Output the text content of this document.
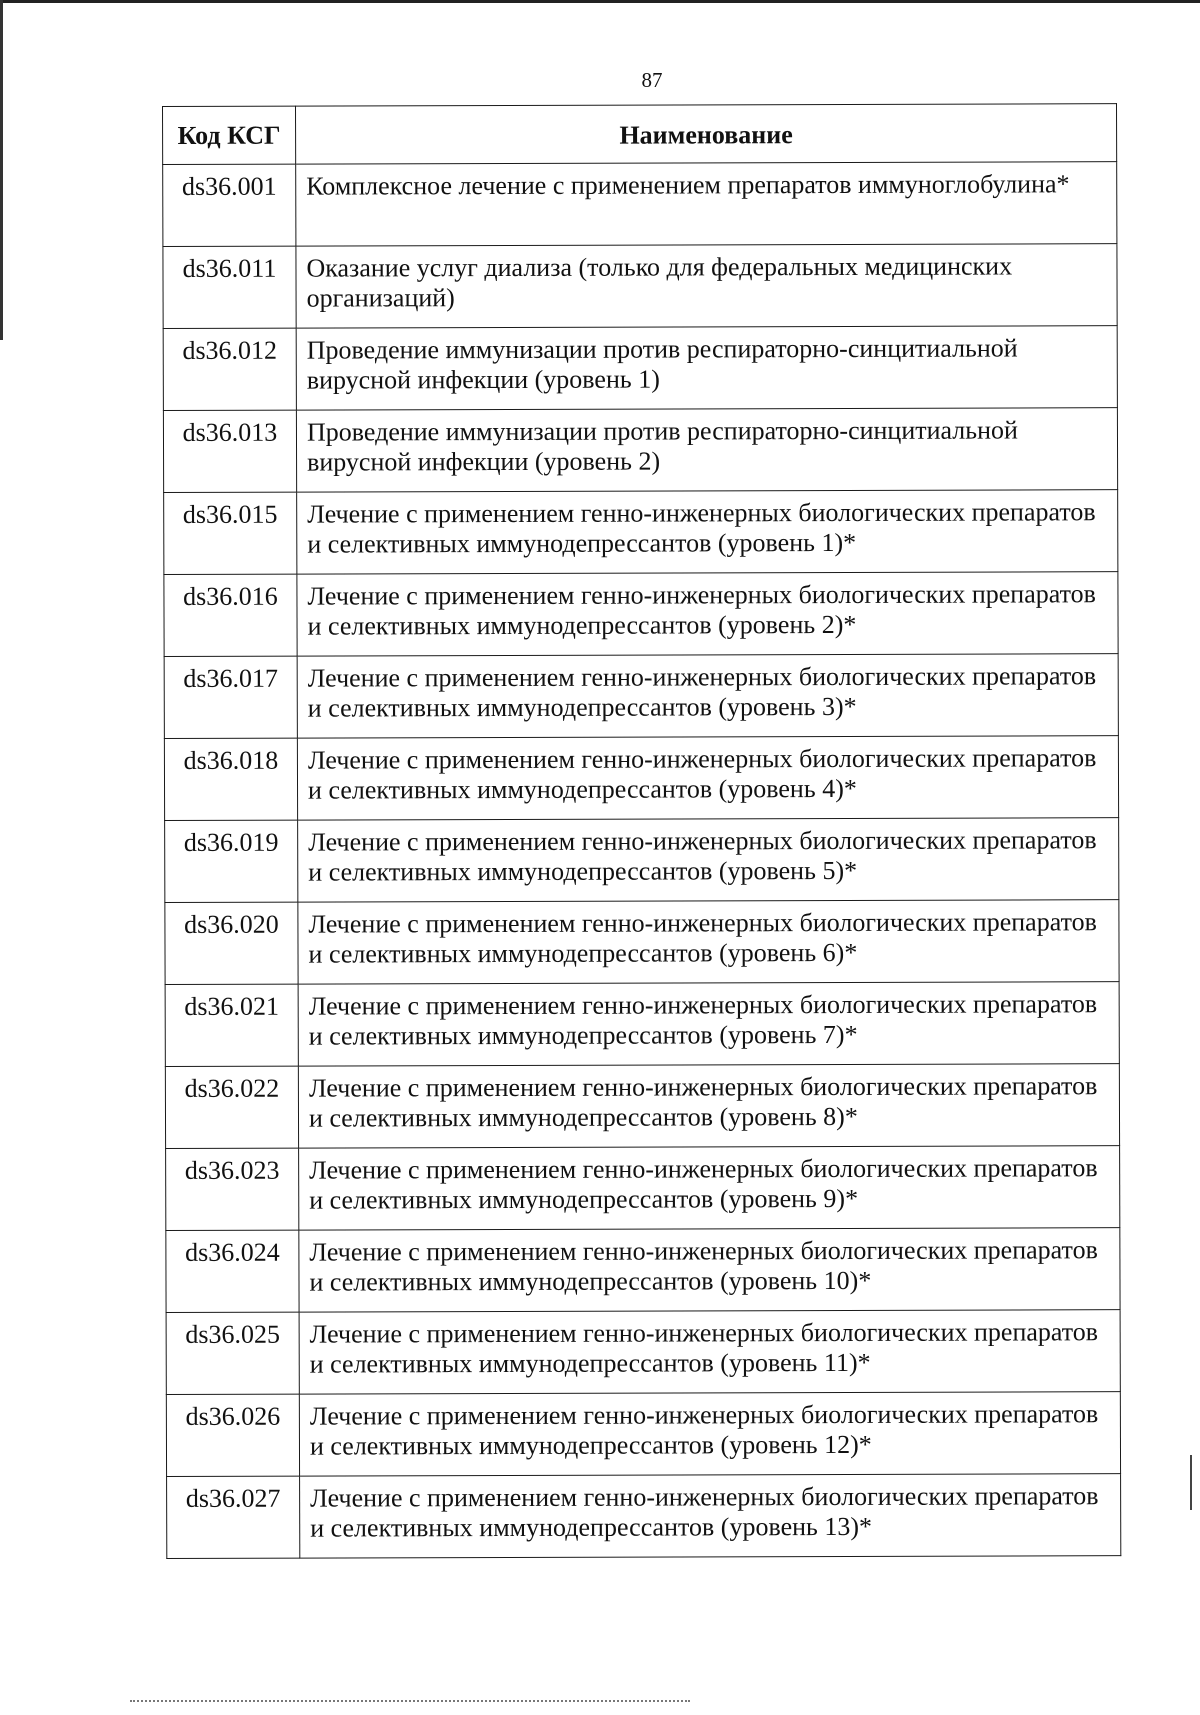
87
Код КСГ	Наименование
ds36.001	Комплексное лечение с применением препаратов иммуноглобулина*
ds36.011	Оказание услуг диализа (только для федеральных медицинских организаций)
ds36.012	Проведение иммунизации против респираторно-синцитиальной вирусной инфекции (уровень 1)
ds36.013	Проведение иммунизации против респираторно-синцитиальной вирусной инфекции (уровень 2)
ds36.015	Лечение с применением генно-инженерных биологических препаратов и селективных иммунодепрессантов (уровень 1)*
ds36.016	Лечение с применением генно-инженерных биологических препаратов и селективных иммунодепрессантов (уровень 2)*
ds36.017	Лечение с применением генно-инженерных биологических препаратов и селективных иммунодепрессантов (уровень 3)*
ds36.018	Лечение с применением генно-инженерных биологических препаратов и селективных иммунодепрессантов (уровень 4)*
ds36.019	Лечение с применением генно-инженерных биологических препаратов и селективных иммунодепрессантов (уровень 5)*
ds36.020	Лечение с применением генно-инженерных биологических препаратов и селективных иммунодепрессантов (уровень 6)*
ds36.021	Лечение с применением генно-инженерных биологических препаратов и селективных иммунодепрессантов (уровень 7)*
ds36.022	Лечение с применением генно-инженерных биологических препаратов и селективных иммунодепрессантов (уровень 8)*
ds36.023	Лечение с применением генно-инженерных биологических препаратов и селективных иммунодепрессантов (уровень 9)*
ds36.024	Лечение с применением генно-инженерных биологических препаратов и селективных иммунодепрессантов (уровень 10)*
ds36.025	Лечение с применением генно-инженерных биологических препаратов и селективных иммунодепрессантов (уровень 11)*
ds36.026	Лечение с применением генно-инженерных биологических препаратов и селективных иммунодепрессантов (уровень 12)*
ds36.027	Лечение с применением генно-инженерных биологических препаратов и селективных иммунодепрессантов (уровень 13)*
